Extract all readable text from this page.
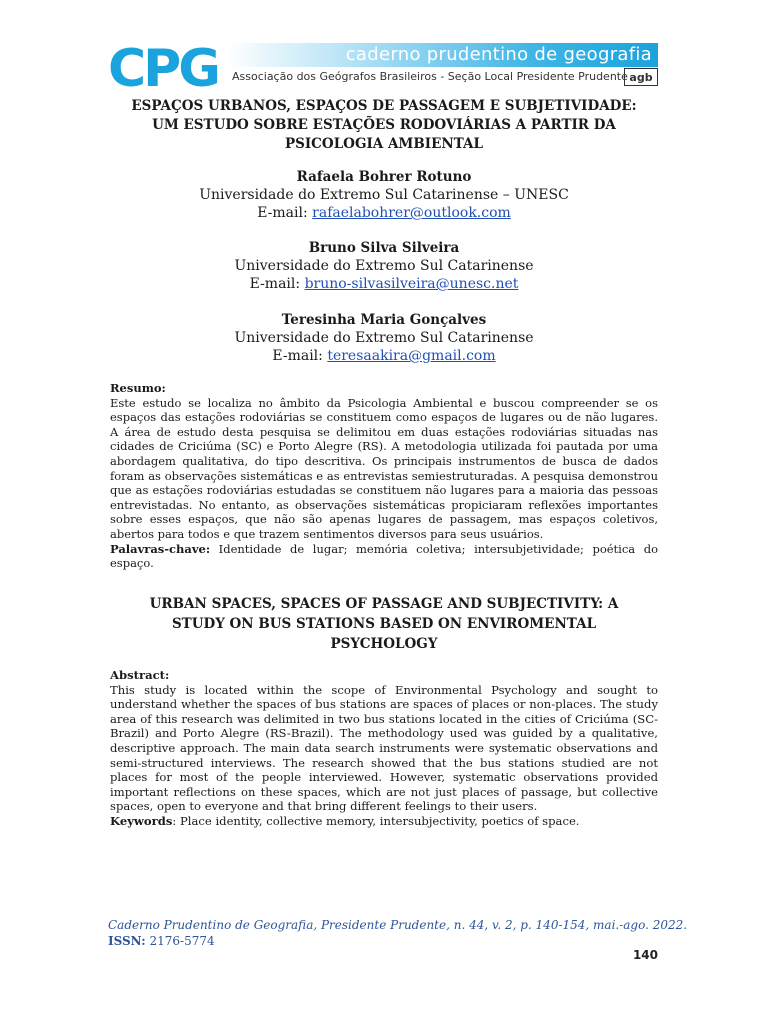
CPG	caderno prudentino de geografia
Associação dos Geógrafos Brasileiros - Seção Local Presidente Prudente agb
ESPAÇOS URBANOS, ESPAÇOS DE PASSAGEM E SUBJETIVIDADE:
UM ESTUDO SOBRE ESTAÇÕES RODOVIÁRIAS A PARTIR DA
PSICOLOGIA AMBIENTAL
Rafaela Bohrer Rotuno
Universidade do Extremo Sul Catarinense – UNESC
E-mail: rafaelabohrer@outlook.com
Bruno Silva Silveira
Universidade do Extremo Sul Catarinense
E-mail: bruno-silvasilveira@unesc.net
Teresinha Maria Gonçalves
Universidade do Extremo Sul Catarinense
E-mail: teresaakira@gmail.com
Resumo:

Este estudo se localiza no âmbito da Psicologia Ambiental e buscou compreender se os espaços das estações rodoviárias se constituem como espaços de lugares ou de não lugares. A área de estudo desta pesquisa se delimitou em duas estações rodoviárias situadas nas cidades de Criciúma (SC) e Porto Alegre (RS). A metodologia utilizada foi pautada por uma abordagem qualitativa, do tipo descritiva. Os principais instrumentos de busca de dados foram as observações sistemáticas e as entrevistas semiestruturadas. A pesquisa demonstrou que as estações rodoviárias estudadas se constituem não lugares para a maioria das pessoas entrevistadas. No entanto, as observações sistemáticas propiciaram reflexões importantes sobre esses espaços, que não são apenas lugares de passagem, mas espaços coletivos, abertos para todos e que trazem sentimentos diversos para seus usuários.

Palavras-chave: Identidade de lugar; memória coletiva; intersubjetividade; poética do espaço.

URBAN SPACES, SPACES OF PASSAGE AND SUBJECTIVITY: A
STUDY ON BUS STATIONS BASED ON ENVIROMENTAL
PSYCHOLOGY
Abstract:

This study is located within the scope of Environmental Psychology and sought to understand whether the spaces of bus stations are spaces of places or non-places. The study area of this research was delimited in two bus stations located in the cities of Criciúma (SC-Brazil) and Porto Alegre (RS-Brazil). The methodology used was guided by a qualitative, descriptive approach. The main data search instruments were systematic observations and semi-structured interviews. The research showed that the bus stations studied are not places for most of the people interviewed. However, systematic observations provided important reflections on these spaces, which are not just places of passage, but collective spaces, open to everyone and that bring different feelings to their users.

Keywords: Place identity, collective memory, intersubjectivity, poetics of space.

Caderno Prudentino de Geografia, Presidente Prudente, n. 44, v. 2, p. 140-154, mai.-ago. 2022.
ISSN: 2176-5774
140
